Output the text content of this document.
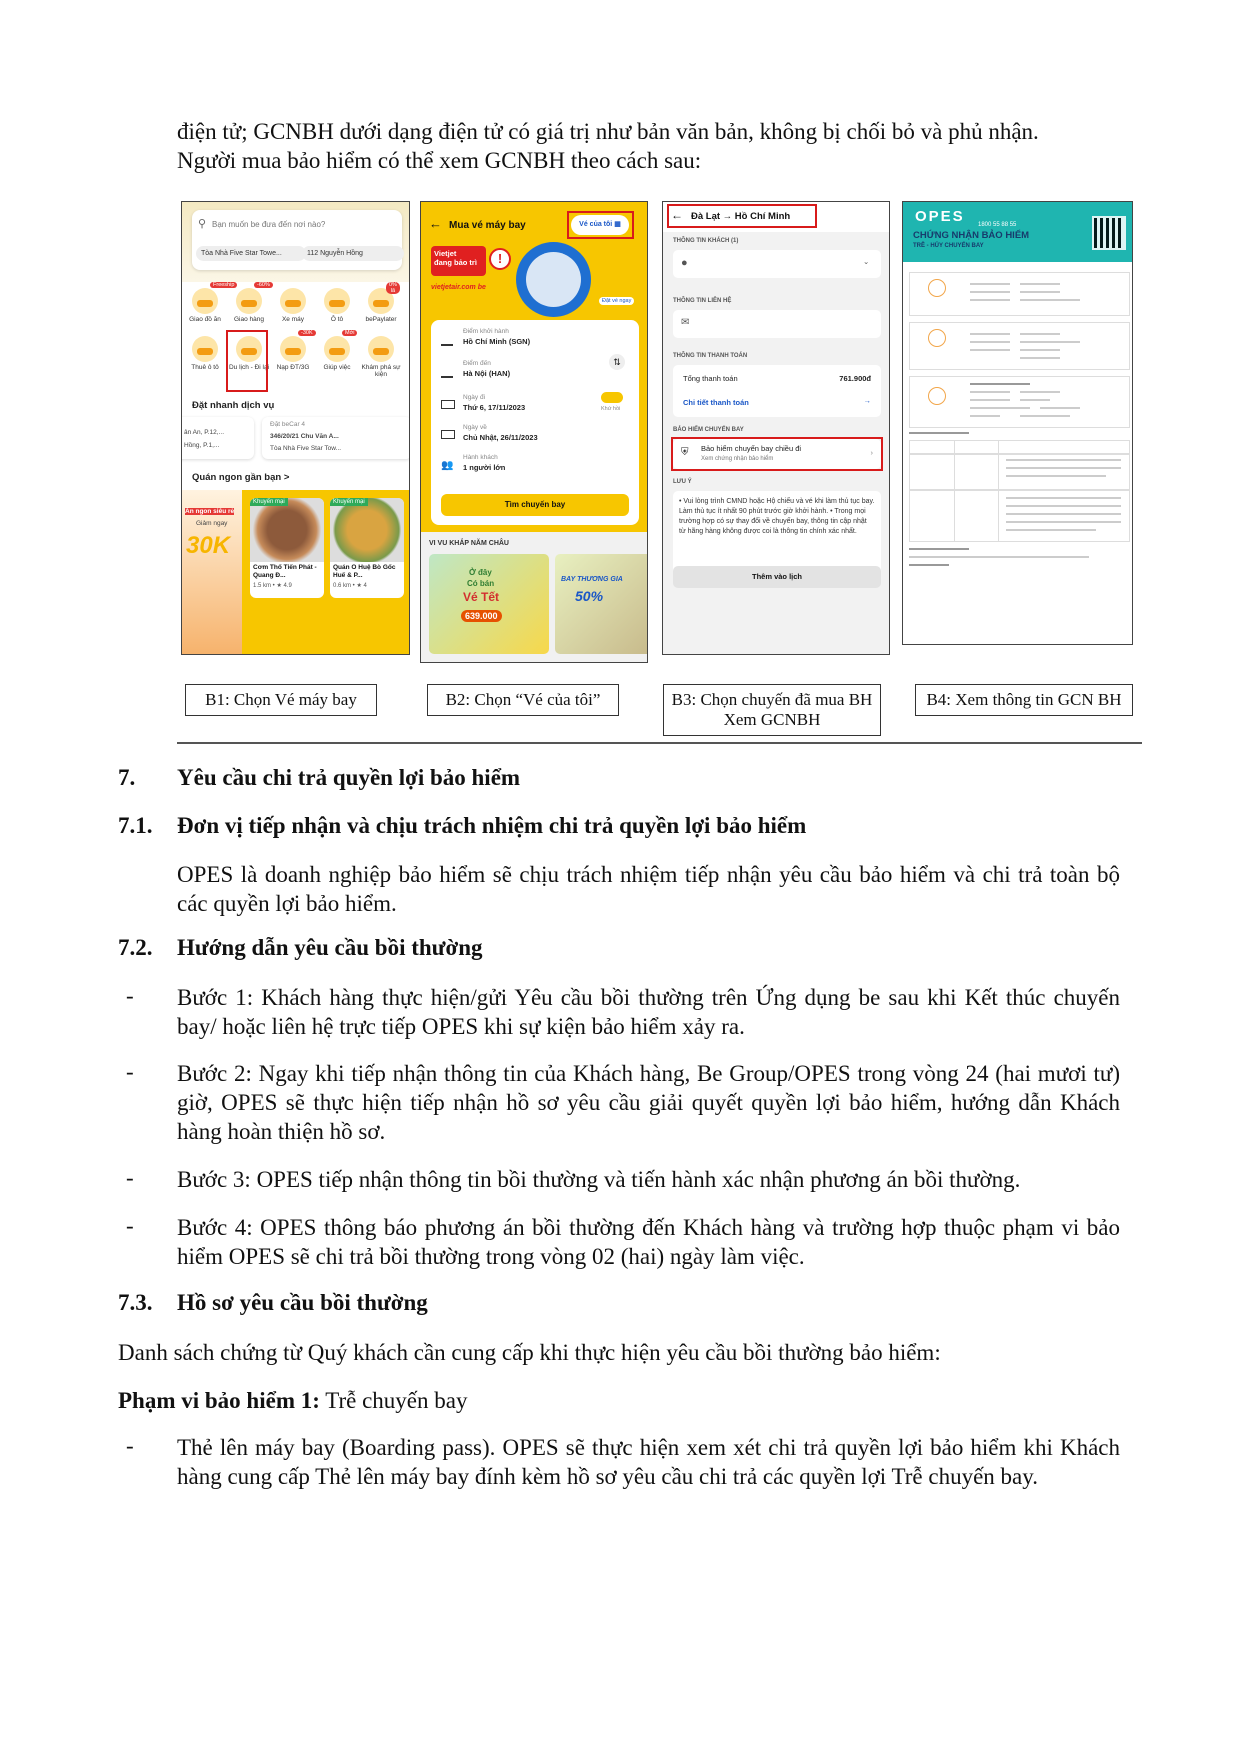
điện tử; GCNBH dưới dạng điện tử có giá trị như bản văn bản, không bị chối bỏ và phủ nhận.
Người mua bảo hiểm có thể xem GCNBH theo cách sau:
⚲ Bạn muốn be đưa đến nơi nào?
Tòa Nhà Five Star Towe...	112 Nguyễn Hồng
Freeship
Giao đồ ăn
-60%
Giao hàng	Xe máy	Ô tô
0% lã
bePaylater
Thuê ô tô	Du lịch - Đi lại
-30K
Nạp ĐT/3G
Mới
Giúp việc	Khám phá sự kiện
Đặt nhanh dịch vụ
ân An, P.12,...
Hồng, P.1,...
Đặt beCar 4
346/20/21 Chu Văn A...
Tòa Nhà Five Star Tow...
Quán ngon gần bạn >
Ăn ngon siêu rẻ
Giảm ngay
30K
Khuyến mại
Cơm Thố Tiến Phát - Quang Đ...
1.5 km • ★ 4.9
Khuyến mại
Quán O Huệ Bò Gốc Huế & P...
0.6 km • ★ 4
← Mua vé máy bay	Vé của tôi ▦
Vietjet
đang bảo trì	!
vietjetair.com be
Đặt vé ngay
Điểm khởi hành
Hồ Chí Minh (SGN)
⇅
Điểm đến
Hà Nội (HAN)
Ngày đi
Thứ 6, 17/11/2023	Khứ hồi
Ngày về
Chủ Nhật, 26/11/2023
👥
Hành khách
1 người lớn
Tìm chuyến bay
VI VU KHẮP NĂM CHÂU
Ở đây
Có bán
Vé Tết
639.000
BAY THƯƠNG GIA
50%
← Đà Lạt → Hồ Chí Minh
THÔNG TIN KHÁCH (1)
●	⌄
THÔNG TIN LIÊN HỆ
✉
THÔNG TIN THANH TOÁN
Tổng thanh toán	761.900đ
Chi tiết thanh toán	→
BẢO HIỂM CHUYẾN BAY
⛨ Bảo hiểm chuyến bay chiều đi
Xem chứng nhận bảo hiểm
›
LƯU Ý
• Vui lòng trình CMND hoặc Hộ chiếu và vé khi làm thủ tục bay. Làm thủ tục ít nhất 90 phút trước giờ khởi hành. • Trong mọi trường hợp có sự thay đổi về chuyến bay, thông tin cập nhật từ hãng hàng không được coi là thông tin chính xác nhất.
Thêm vào lịch
OPES 1800 55 88 55
CHỨNG NHẬN BẢO HIỂM
TRỄ - HỦY CHUYẾN BAY
B1: Chọn Vé máy bay	B2: Chọn “Vé của tôi”	B3: Chọn chuyến đã mua BH Xem GCNBH
B4: Xem thông tin GCN BH
7. Yêu cầu chi trả quyền lợi bảo hiểm
7.1. Đơn vị tiếp nhận và chịu trách nhiệm chi trả quyền lợi bảo hiểm
OPES là doanh nghiệp bảo hiểm sẽ chịu trách nhiệm tiếp nhận yêu cầu bảo hiểm và chi trả toàn bộ các quyền lợi bảo hiểm.
7.2. Hướng dẫn yêu cầu bồi thường
- Bước 1: Khách hàng thực hiện/gửi Yêu cầu bồi thường trên Ứng dụng be sau khi Kết thúc chuyến bay/ hoặc liên hệ trực tiếp OPES khi sự kiện bảo hiểm xảy ra.
- Bước 2: Ngay khi tiếp nhận thông tin của Khách hàng, Be Group/OPES trong vòng 24 (hai mươi tư) giờ, OPES sẽ thực hiện tiếp nhận hồ sơ yêu cầu giải quyết quyền lợi bảo hiểm, hướng dẫn Khách hàng hoàn thiện hồ sơ.
- Bước 3: OPES tiếp nhận thông tin bồi thường và tiến hành xác nhận phương án bồi thường.
- Bước 4: OPES thông báo phương án bồi thường đến Khách hàng và trường hợp thuộc phạm vi bảo hiểm OPES sẽ chi trả bồi thường trong vòng 02 (hai) ngày làm việc.
7.3. Hồ sơ yêu cầu bồi thường
Danh sách chứng từ Quý khách cần cung cấp khi thực hiện yêu cầu bồi thường bảo hiểm:
Phạm vi bảo hiểm 1: Trễ chuyến bay
- Thẻ lên máy bay (Boarding pass). OPES sẽ thực hiện xem xét chi trả quyền lợi bảo hiểm khi Khách hàng cung cấp Thẻ lên máy bay đính kèm hồ sơ yêu cầu chi trả các quyền lợi Trễ chuyến bay.
